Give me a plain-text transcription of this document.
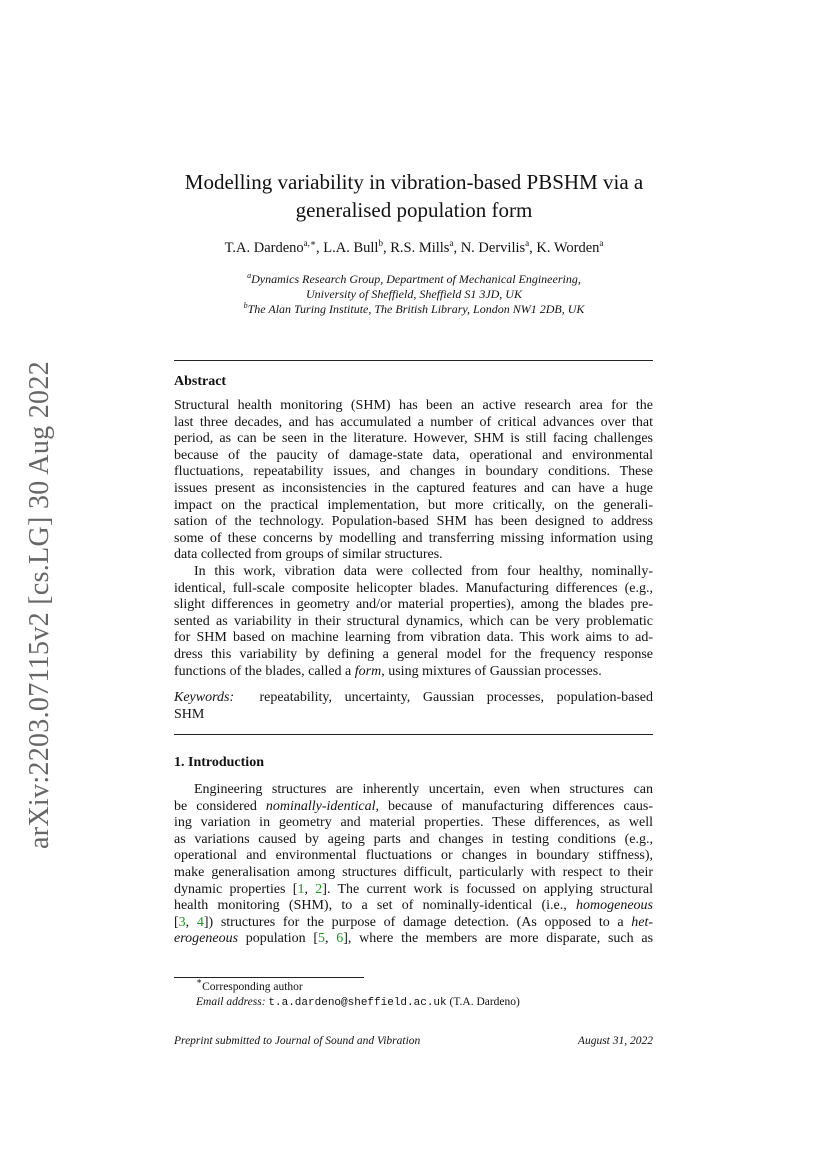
arXiv:2203.07115v2 [cs.LG] 30 Aug 2022
Modelling variability in vibration-based PBSHM via a
generalised population form
T.A. Dardeno$^{a,∗}$, L.A. Bull$^b$, R.S. Mills$^a$, N. Dervilis$^a$, K. Worden$^a$
$^a$Dynamics Research Group, Department of Mechanical Engineering,
University of Sheffield, Sheffield S1 3JD, UK
$^b$The Alan Turing Institute, The British Library, London NW1 2DB, UK
Abstract
Structural health monitoring (SHM) has been an active research area for the
last three decades, and has accumulated a number of critical advances over that
period, as can be seen in the literature. However, SHM is still facing challenges
because of the paucity of damage-state data, operational and environmental
fluctuations, repeatability issues, and changes in boundary conditions. These
issues present as inconsistencies in the captured features and can have a huge
impact on the practical implementation, but more critically, on the generali-
sation of the technology. Population-based SHM has been designed to address
some of these concerns by modelling and transferring missing information using
data collected from groups of similar structures.
In this work, vibration data were collected from four healthy, nominally-
identical, full-scale composite helicopter blades. Manufacturing differences (e.g.,
slight differences in geometry and/or material properties), among the blades pre-
sented as variability in their structural dynamics, which can be very problematic
for SHM based on machine learning from vibration data. This work aims to ad-
dress this variability by defining a general model for the frequency response
functions of the blades, called a form, using mixtures of Gaussian processes.
Keywords: repeatability, uncertainty, Gaussian processes, population-based
SHM
1. Introduction
Engineering structures are inherently uncertain, even when structures can
be considered nominally-identical, because of manufacturing differences caus-
ing variation in geometry and material properties. These differences, as well
as variations caused by ageing parts and changes in testing conditions (e.g.,
operational and environmental fluctuations or changes in boundary stiffness),
make generalisation among structures difficult, particularly with respect to their
dynamic properties [1, 2]. The current work is focussed on applying structural
health monitoring (SHM), to a set of nominally-identical (i.e., homogeneous
[3, 4]) structures for the purpose of damage detection. (As opposed to a het-
erogeneous population [5, 6], where the members are more disparate, such as
∗Corresponding author
Email address: t.a.dardeno@sheffield.ac.uk (T.A. Dardeno)
Preprint submitted to Journal of Sound and Vibration	August 31, 2022
